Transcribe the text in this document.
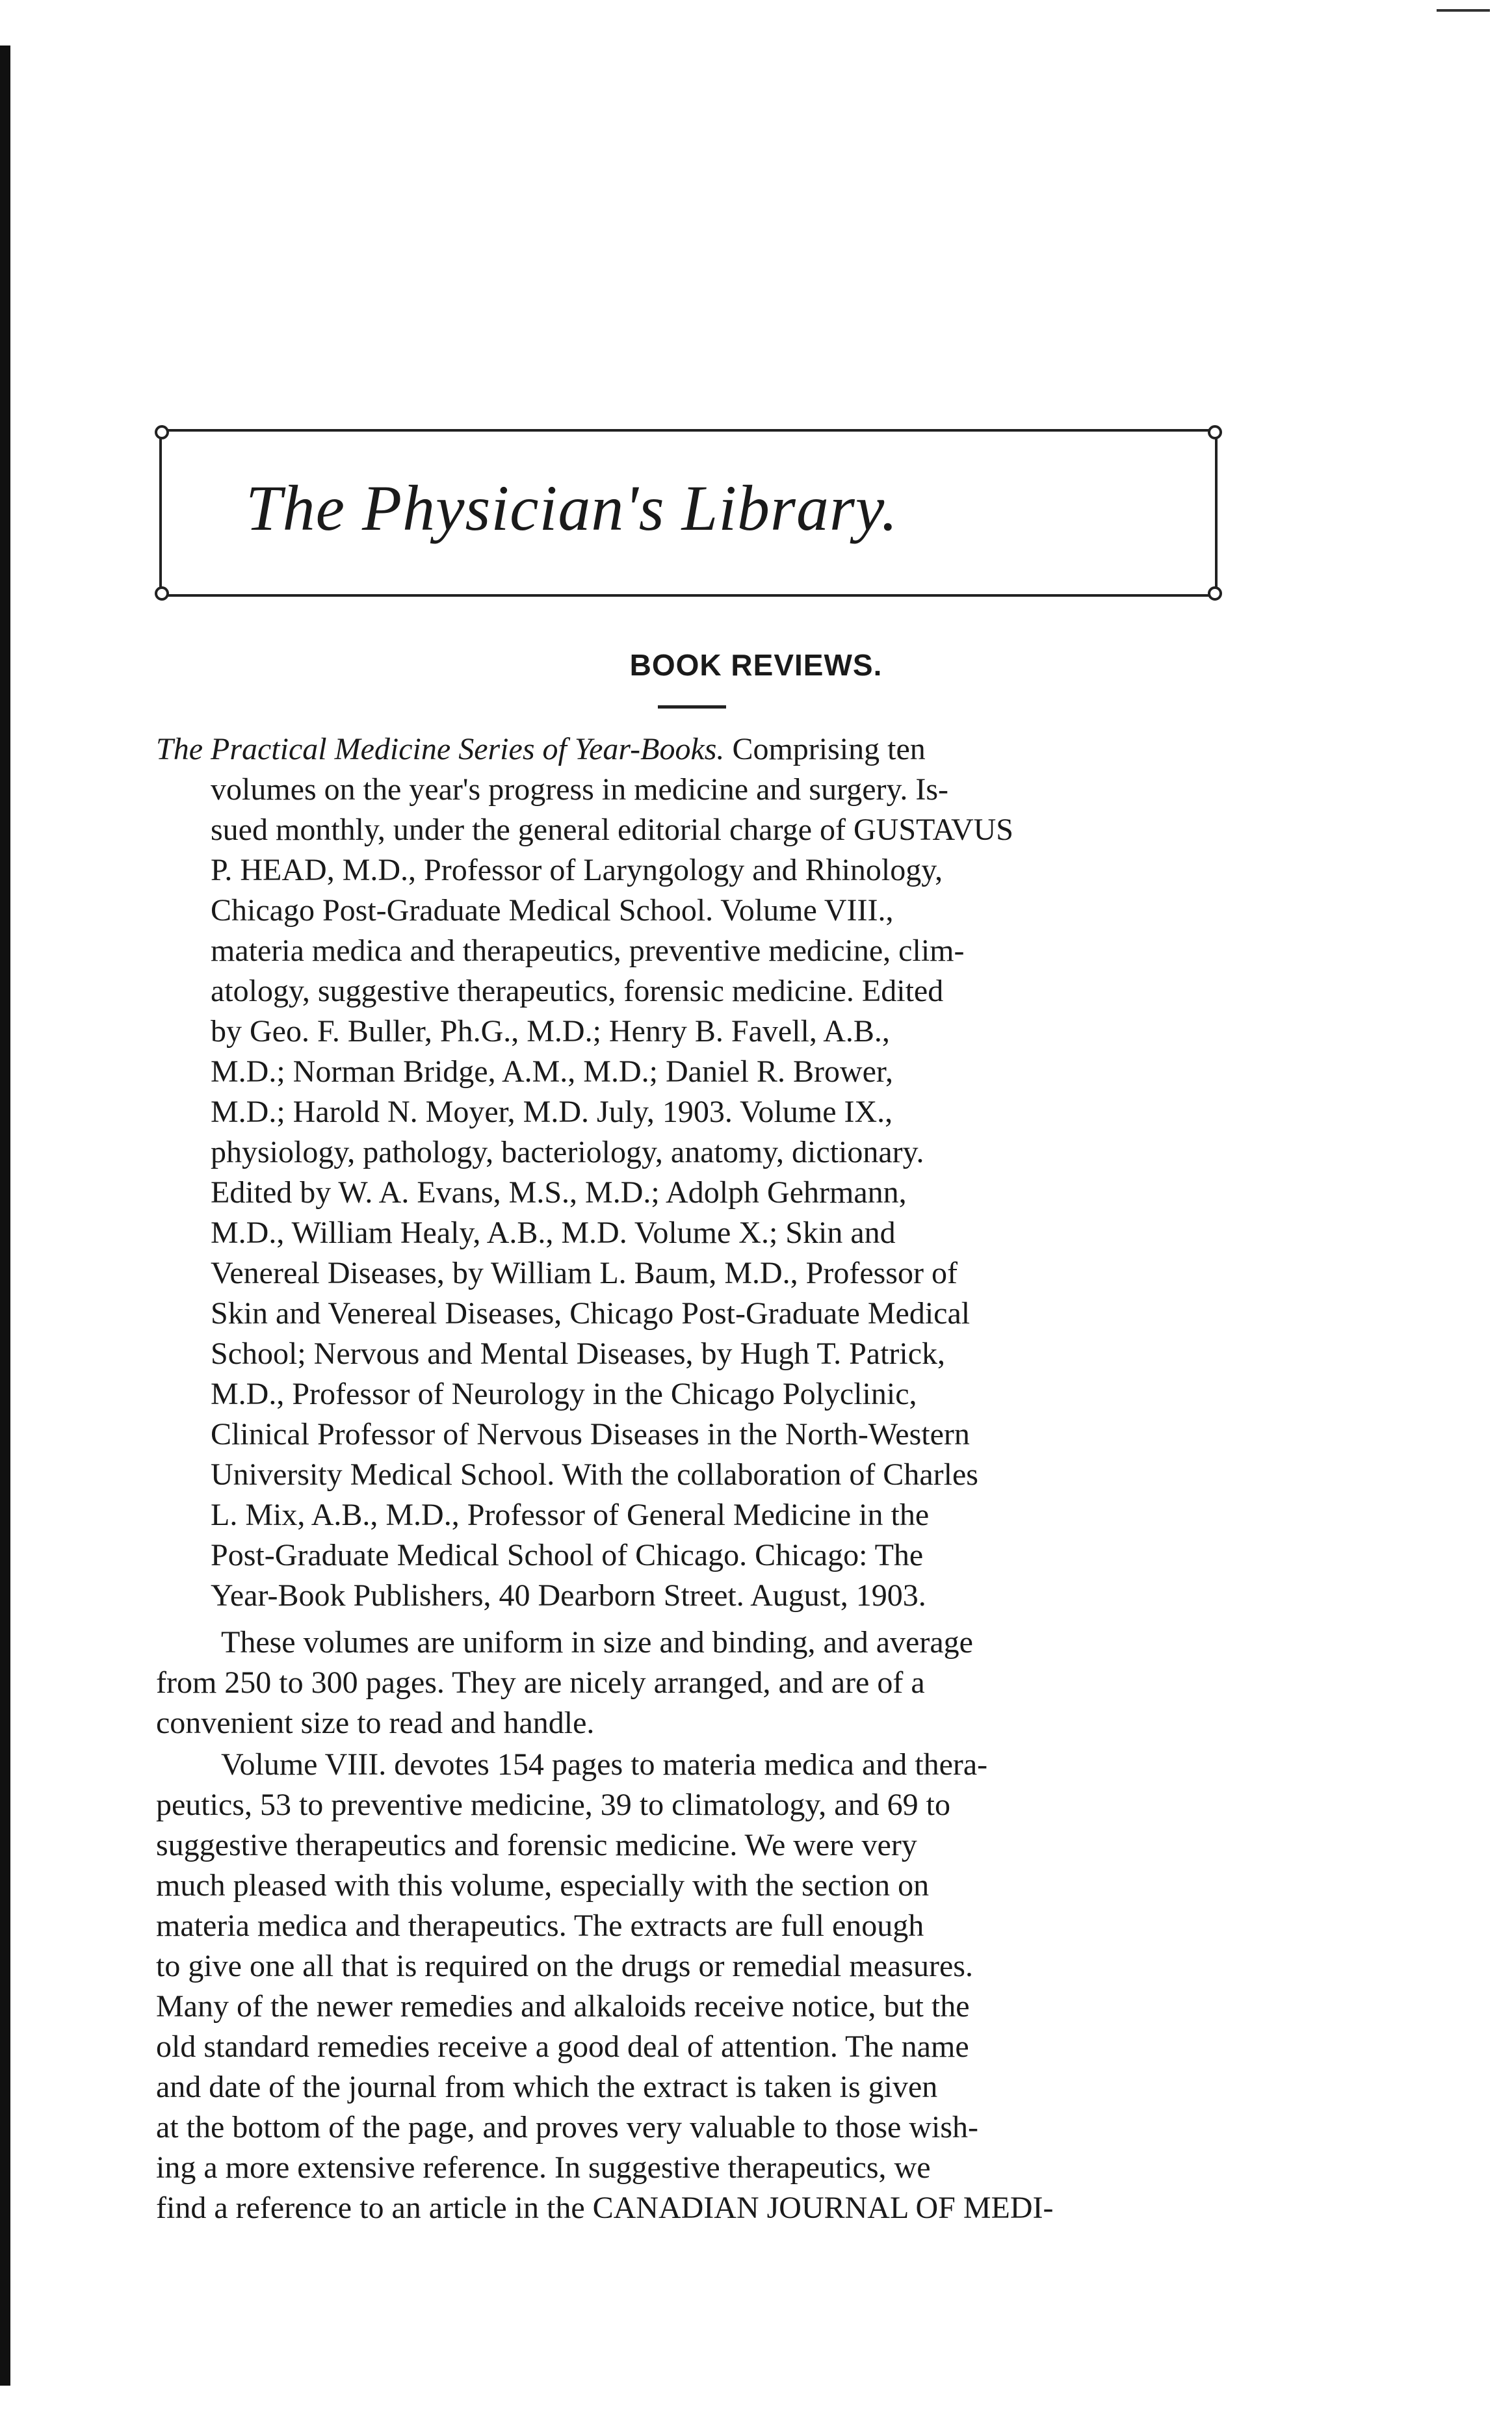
The Physician's Library.
BOOK REVIEWS.
The Practical Medicine Series of Year-Books. Comprising ten
volumes on the year's progress in medicine and surgery. Is-
sued monthly, under the general editorial charge of GUSTAVUS
P. HEAD, M.D., Professor of Laryngology and Rhinology,
Chicago Post-Graduate Medical School. Volume VIII.,
materia medica and therapeutics, preventive medicine, clim-
atology, suggestive therapeutics, forensic medicine. Edited
by Geo. F. Buller, Ph.G., M.D.; Henry B. Favell, A.B.,
M.D.; Norman Bridge, A.M., M.D.; Daniel R. Brower,
M.D.; Harold N. Moyer, M.D. July, 1903. Volume IX.,
physiology, pathology, bacteriology, anatomy, dictionary.
Edited by W. A. Evans, M.S., M.D.; Adolph Gehrmann,
M.D., William Healy, A.B., M.D. Volume X.; Skin and
Venereal Diseases, by William L. Baum, M.D., Professor of
Skin and Venereal Diseases, Chicago Post-Graduate Medical
School; Nervous and Mental Diseases, by Hugh T. Patrick,
M.D., Professor of Neurology in the Chicago Polyclinic,
Clinical Professor of Nervous Diseases in the North-Western
University Medical School. With the collaboration of Charles
L. Mix, A.B., M.D., Professor of General Medicine in the
Post-Graduate Medical School of Chicago. Chicago: The
Year-Book Publishers, 40 Dearborn Street. August, 1903.
These volumes are uniform in size and binding, and average
from 250 to 300 pages. They are nicely arranged, and are of a
convenient size to read and handle.
Volume VIII. devotes 154 pages to materia medica and thera-
peutics, 53 to preventive medicine, 39 to climatology, and 69 to
suggestive therapeutics and forensic medicine. We were very
much pleased with this volume, especially with the section on
materia medica and therapeutics. The extracts are full enough
to give one all that is required on the drugs or remedial measures.
Many of the newer remedies and alkaloids receive notice, but the
old standard remedies receive a good deal of attention. The name
and date of the journal from which the extract is taken is given
at the bottom of the page, and proves very valuable to those wish-
ing a more extensive reference. In suggestive therapeutics, we
find a reference to an article in the CANADIAN JOURNAL OF MEDI-
